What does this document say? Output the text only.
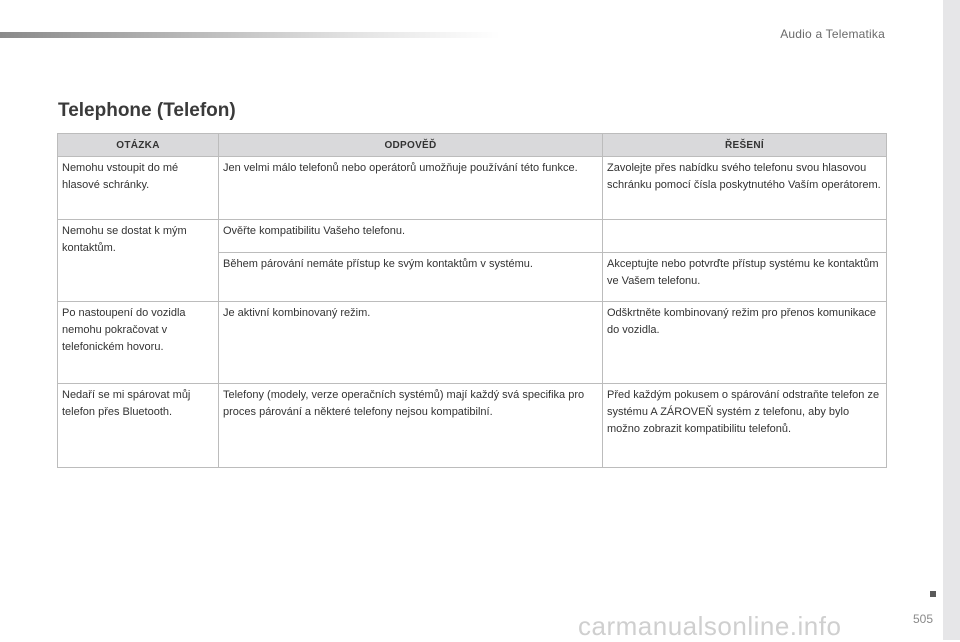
Audio a Telematika
Telephone (Telefon)
OTÁZKA	ODPOVĚĎ	ŘEŠENÍ
Nemohu vstoupit do mé hlasové schránky.	Jen velmi málo telefonů nebo operátorů umožňuje používání této funkce.	Zavolejte přes nabídku svého telefonu svou hlasovou schránku pomocí čísla poskytnutého Vaším operátorem.
Nemohu se dostat k mým kontaktům.	Ověřte kompatibilitu Vašeho telefonu.	
	Během párování nemáte přístup ke svým kontaktům v systému.	Akceptujte nebo potvrďte přístup systému ke kontaktům ve Vašem telefonu.
Po nastoupení do vozidla nemohu pokračovat v telefonickém hovoru.	Je aktivní kombinovaný režim.	Odškrtněte kombinovaný režim pro přenos komunikace do vozidla.
Nedaří se mi spárovat můj telefon přes Bluetooth.	Telefony (modely, verze operačních systémů) mají každý svá specifika pro proces párování a některé telefony nejsou kompatibilní.	Před každým pokusem o spárování odstraňte telefon ze systému A ZÁROVEŇ systém z telefonu, aby bylo možno zobrazit kompatibilitu telefonů.
505
carmanualsonline.info
